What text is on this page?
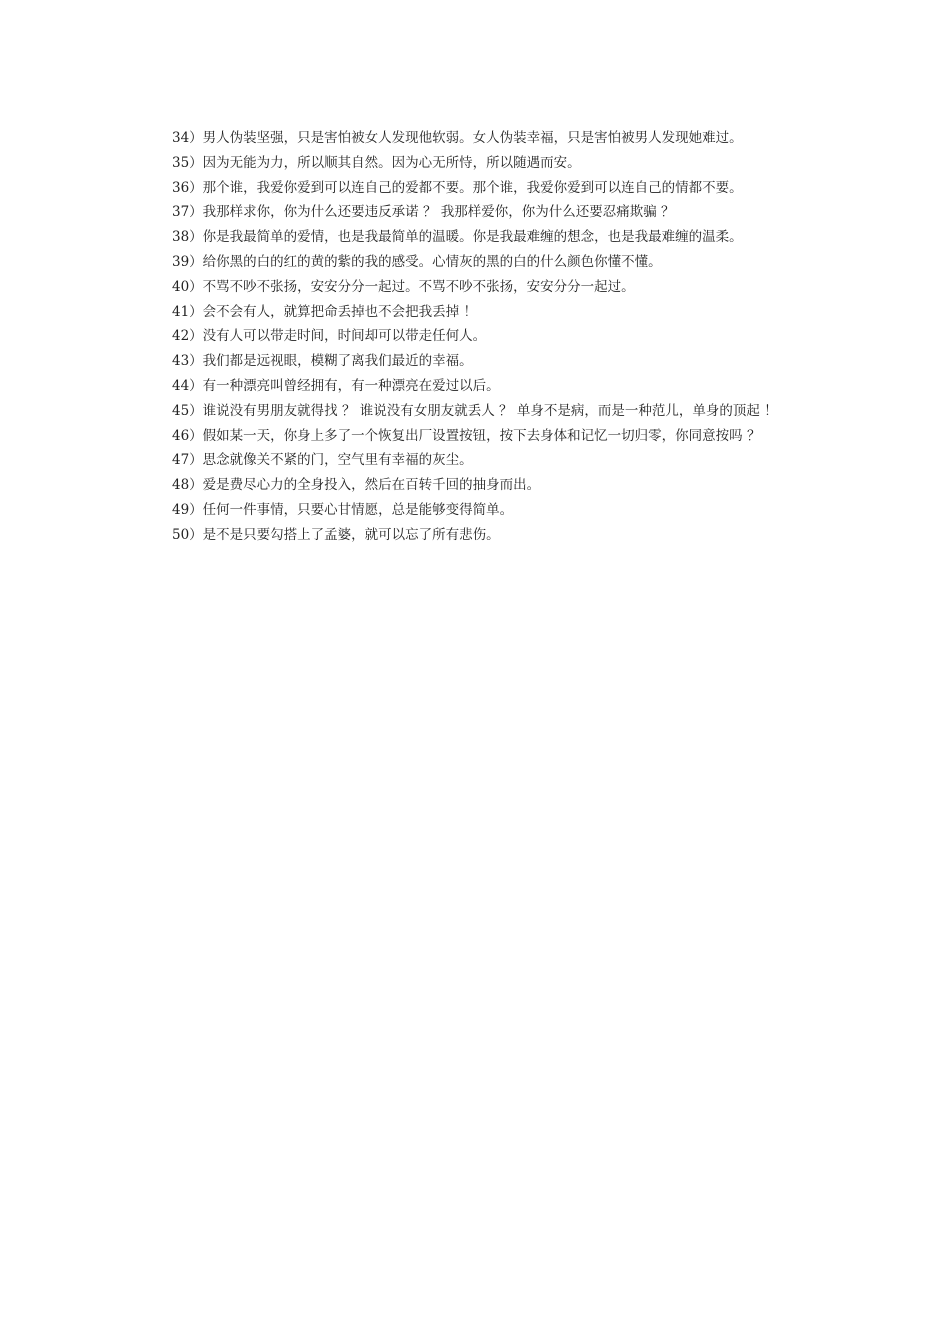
34）男人伪装坚强，只是害怕被女人发现他软弱。女人伪装幸福，只是害怕被男人发现她难过。

35）因为无能为力，所以顺其自然。因为心无所恃，所以随遇而安。

36）那个谁，我爱你爱到可以连自己的爱都不要。那个谁，我爱你爱到可以连自己的情都不要。

37）我那样求你，你为什么还要违反承诺 ？ 我那样爱你，你为什么还要忍痛欺骗 ？

38）你是我最简单的爱情，也是我最简单的温暖。你是我最难缠的想念，也是我最难缠的温柔。

39）给你黑的白的红的黄的紫的我的感受。心情灰的黑的白的什么颜色你懂不懂。

40）不骂不吵不张扬，安安分分一起过。不骂不吵不张扬，安安分分一起过。

41）会不会有人，就算把命丢掉也不会把我丢掉 ！

42）没有人可以带走时间，时间却可以带走任何人。

43）我们都是远视眼，模糊了离我们最近的幸福。

44）有一种漂亮叫曾经拥有，有一种漂亮在爱过以后。

45）谁说没有男朋友就得找 ？ 谁说没有女朋友就丢人 ？ 单身不是病，而是一种范儿，单身的顶起 ！

46）假如某一天，你身上多了一个恢复出厂设置按钮，按下去身体和记忆一切归零，你同意按吗 ？

47）思念就像关不紧的门，空气里有幸福的灰尘。

48）爱是费尽心力的全身投入，然后在百转千回的抽身而出。

49）任何一件事情，只要心甘情愿，总是能够变得简单。

50）是不是只要勾搭上了孟婆，就可以忘了所有悲伤。
